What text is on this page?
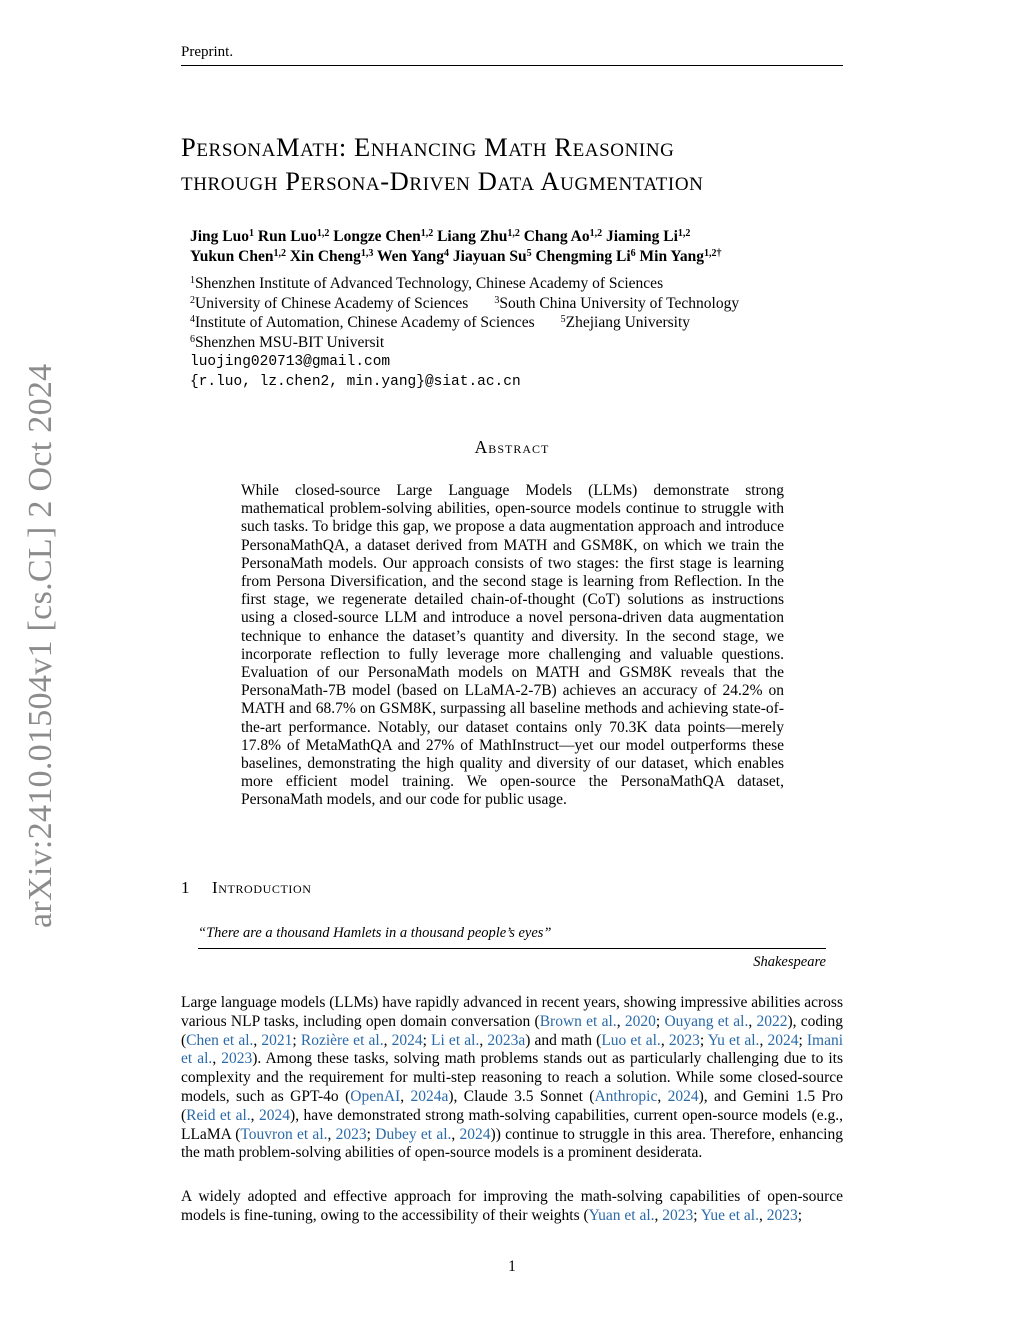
Preprint.
arXiv:2410.01504v1 [cs.CL] 2 Oct 2024
PersonaMath: Enhancing Math Reasoning
through Persona-Driven Data Augmentation
Jing Luo$^1$ Run Luo$^{1,2}$ Longze Chen$^{1,2}$ Liang Zhu$^{1,2}$ Chang Ao$^{1,2}$ Jiaming Li$^{1,2}$
Yukun Chen$^{1,2}$ Xin Cheng$^{1,3}$ Wen Yang$^4$ Jiayuan Su$^5$ Chengming Li$^6$ Min Yang$^{1,2\dagger}$
$^1$Shenzhen Institute of Advanced Technology, Chinese Academy of Sciences
$^2$University of Chinese Academy of Sciences	$^3$South China University of Technology
$^4$Institute of Automation, Chinese Academy of Sciences	$^5$Zhejiang University
$^6$Shenzhen MSU-BIT Universit
luojing020713@gmail.com
{r.luo, lz.chen2, min.yang}@siat.ac.cn
Abstract
While closed-source Large Language Models (LLMs) demonstrate strong mathematical problem-solving abilities, open-source models continue to struggle with such tasks. To bridge this gap, we propose a data augmentation approach and introduce PersonaMathQA, a dataset derived from MATH and GSM8K, on which we train the PersonaMath models. Our approach consists of two stages: the first stage is learning from Persona Diversification, and the second stage is learning from Reflection. In the first stage, we regenerate detailed chain-of-thought (CoT) solutions as instructions using a closed-source LLM and introduce a novel persona-driven data augmentation technique to enhance the dataset’s quantity and diversity. In the second stage, we incorporate reflection to fully leverage more challenging and valuable questions. Evaluation of our PersonaMath models on MATH and GSM8K reveals that the PersonaMath-7B model (based on LLaMA-2-7B) achieves an accuracy of 24.2% on MATH and 68.7% on GSM8K, surpassing all baseline methods and achieving state-of-the-art performance. Notably, our dataset contains only 70.3K data points—merely 17.8% of MetaMathQA and 27% of MathInstruct—yet our model outperforms these baselines, demonstrating the high quality and diversity of our dataset, which enables more efficient model training. We open-source the PersonaMathQA dataset, PersonaMath models, and our code for public usage.
1 Introduction
“There are a thousand Hamlets in a thousand people’s eyes”
Shakespeare
Large language models (LLMs) have rapidly advanced in recent years, showing impressive abilities across various NLP tasks, including open domain conversation (Brown et al., 2020; Ouyang et al., 2022), coding (Chen et al., 2021; Rozière et al., 2024; Li et al., 2023a) and math (Luo et al., 2023; Yu et al., 2024; Imani et al., 2023). Among these tasks, solving math problems stands out as particularly challenging due to its complexity and the requirement for multi-step reasoning to reach a solution. While some closed-source models, such as GPT-4o (OpenAI, 2024a), Claude 3.5 Sonnet (Anthropic, 2024), and Gemini 1.5 Pro (Reid et al., 2024), have demonstrated strong math-solving capabilities, current open-source models (e.g., LLaMA (Touvron et al., 2023; Dubey et al., 2024)) continue to struggle in this area. Therefore, enhancing the math problem-solving abilities of open-source models is a prominent desiderata.
A widely adopted and effective approach for improving the math-solving capabilities of open-source models is fine-tuning, owing to the accessibility of their weights (Yuan et al., 2023; Yue et al., 2023;
1
